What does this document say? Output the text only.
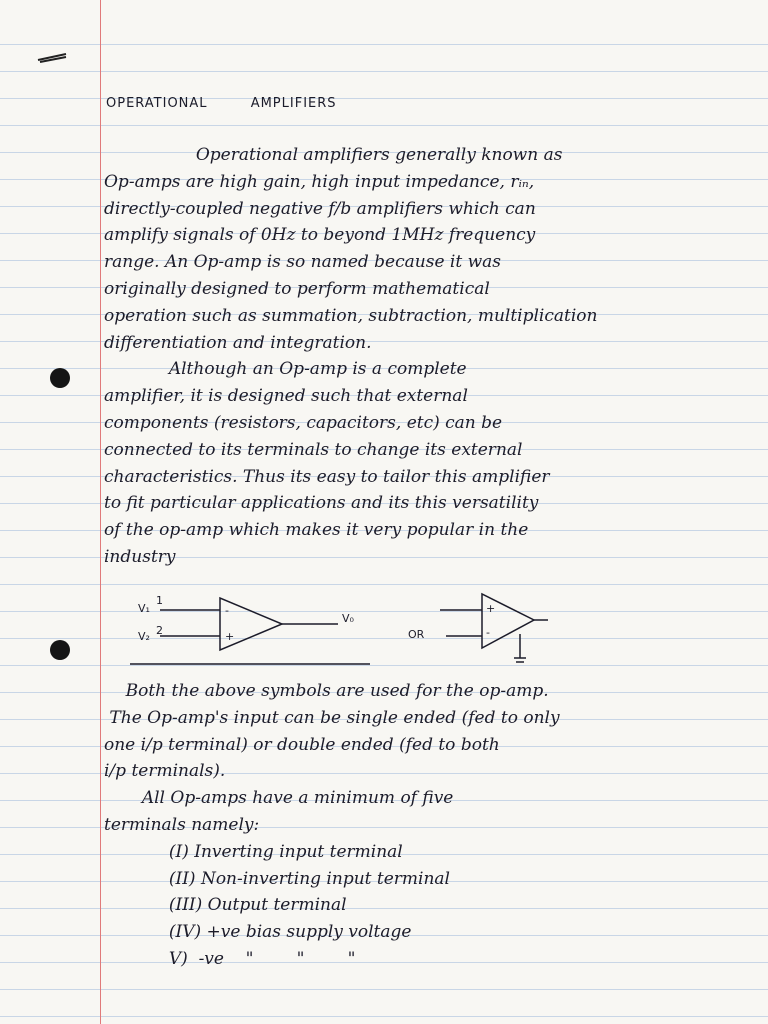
OPERATIONAL	AMPLIFIERS
Operational amplifiers generally known as
Op-amps are high gain, high input impedance, rᵢₙ,
directly-coupled negative f/b amplifiers which can
amplify signals of 0Hz to beyond 1MHz frequency
range. An Op-amp is so named because it was
originally designed to perform mathematical
operation such as summation, subtraction, multiplication
differentiation and integration.
Although an Op-amp is a complete
amplifier, it is designed such that external
components (resistors, capacitors, etc) can be
connected to its terminals to change its external
characteristics. Thus its easy to tailor this amplifier
to fit particular applications and its this versatility
of the op-amp which makes it very popular in the
industry
Both the above symbols are used for the op-amp.
The Op-amp's input can be single ended (fed to only
one i/p terminal) or double ended (fed to both
i/p terminals).
All Op-amps have a minimum of five
terminals namely:
(I) Inverting input terminal
(II) Non-inverting input terminal
(III) Output terminal
(IV) +ve bias supply voltage
V)  -ve    "        "        "
V₁
1
V₂ 2
-
+
V₀
OR
+
-
